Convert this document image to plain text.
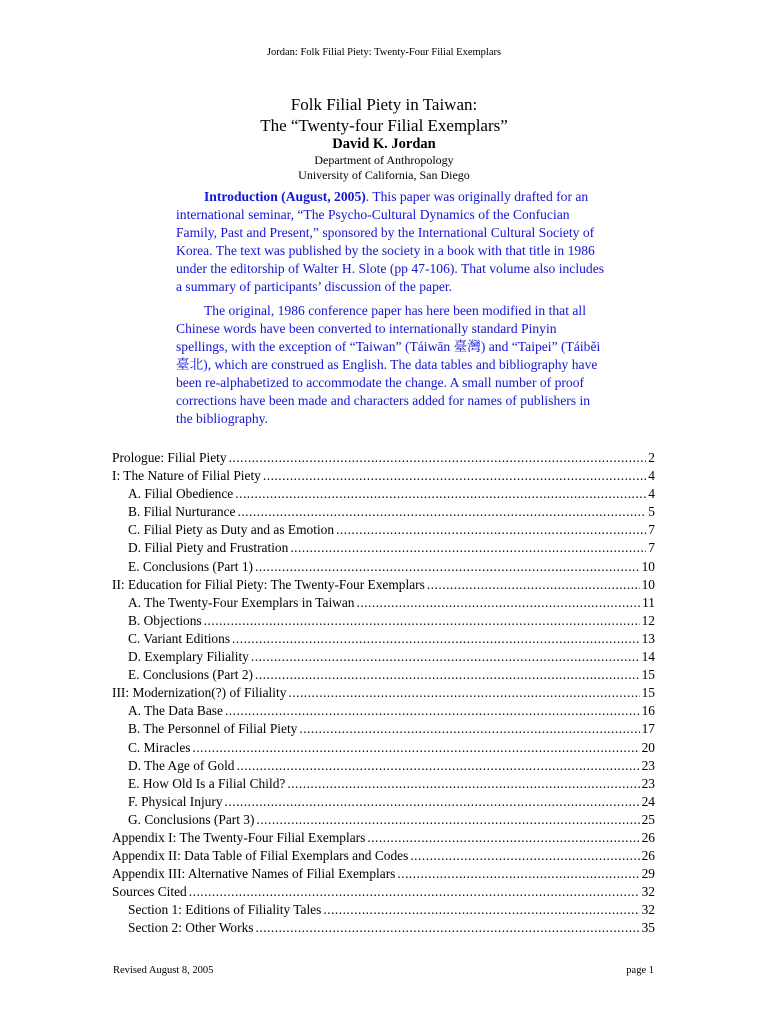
Jordan: Folk Filial Piety: Twenty-Four Filial Exemplars
Folk Filial Piety in Taiwan:
The “Twenty-four Filial Exemplars”
David K. Jordan
Department of Anthropology
University of California, San Diego

Introduction (August, 2005). This paper was originally drafted for an international seminar, “The Psycho-Cultural Dynamics of the Confucian Family, Past and Present,” sponsored by the International Cultural Society of Korea. The text was published by the society in a book with that title in 1986 under the editorship of Walter H. Slote (pp 47-106). That volume also includes a summary of participants’ discussion of the paper.

The original, 1986 conference paper has here been modified in that all Chinese words have been converted to internationally standard Pinyin spellings, with the exception of “Taiwan” (Táiwān 臺灣) and “Taipei” (Táiběi 臺北), which are construed as English. The data tables and bibliography have been re-alphabetized to accommodate the change. A small number of proof corrections have been made and characters added for names of publishers in the bibliography.

Prologue: Filial Piety .....	2
I: The Nature of Filial Piety .....	4
A. Filial Obedience .....	4
B. Filial Nurturance .....	5
C. Filial Piety as Duty and as Emotion .....	7
D. Filial Piety and Frustration .....	7
E. Conclusions (Part 1) .....	10
II: Education for Filial Piety: The Twenty-Four Exemplars .....	10
A. The Twenty-Four Exemplars in Taiwan .....	11
B. Objections .....	12
C. Variant Editions .....	13
D. Exemplary Filiality .....	14
E. Conclusions (Part 2) .....	15
III: Modernization(?) of Filiality .....	15
A. The Data Base .....	16
B. The Personnel of Filial Piety .....	17
C. Miracles .....	20
D. The Age of Gold .....	23
E. How Old Is a Filial Child? .....	23
F. Physical Injury .....	24
G. Conclusions (Part 3) .....	25
Appendix I: The Twenty-Four Filial Exemplars .....	26
Appendix II: Data Table of Filial Exemplars and Codes .....	26
Appendix III: Alternative Names of Filial Exemplars .....	29
Sources Cited .....	32
Section 1: Editions of Filiality Tales .....	32
Section 2: Other Works .....	35
Revised August 8, 2005	page 1
